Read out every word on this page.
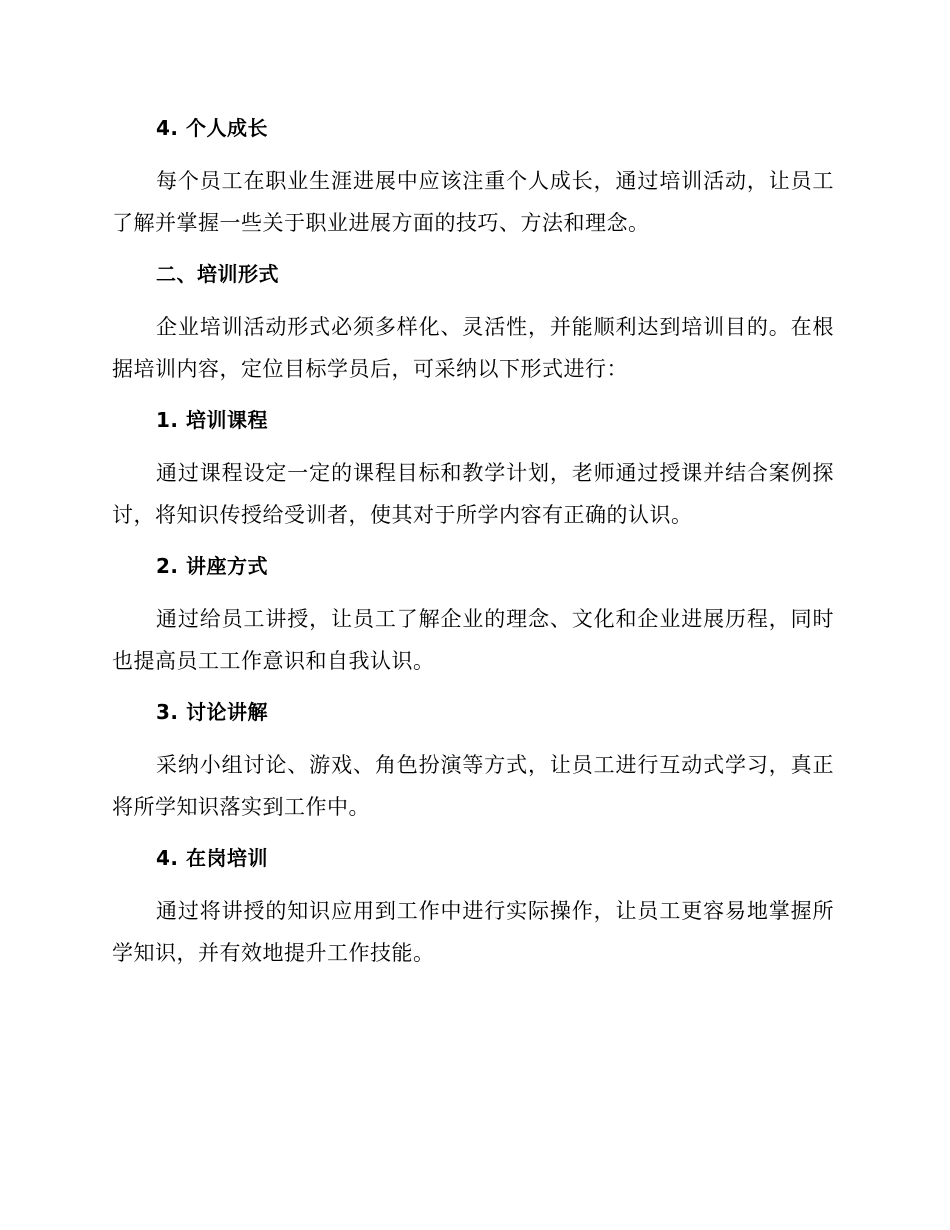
4. 个人成长

每个员工在职业生涯进展中应该注重个人成长，通过培训活动，让员工了解并掌握一些关于职业进展方面的技巧、方法和理念。

二、培训形式

企业培训活动形式必须多样化、灵活性，并能顺利达到培训目的。在根据培训内容，定位目标学员后，可采纳以下形式进行：

1. 培训课程

通过课程设定一定的课程目标和教学计划，老师通过授课并结合案例探讨，将知识传授给受训者，使其对于所学内容有正确的认识。

2. 讲座方式

通过给员工讲授，让员工了解企业的理念、文化和企业进展历程，同时也提高员工工作意识和自我认识。

3. 讨论讲解

采纳小组讨论、游戏、角色扮演等方式，让员工进行互动式学习，真正将所学知识落实到工作中。

4. 在岗培训

通过将讲授的知识应用到工作中进行实际操作，让员工更容易地掌握所学知识，并有效地提升工作技能。
